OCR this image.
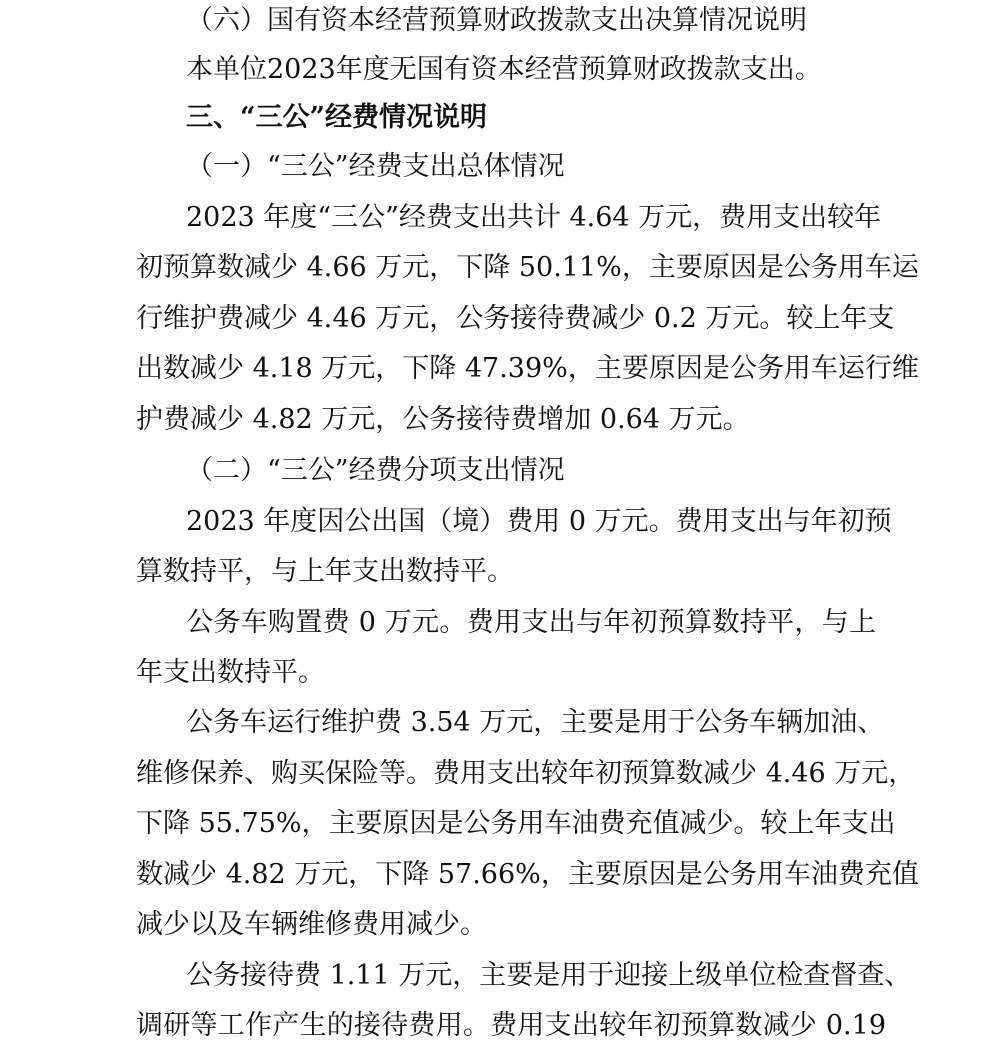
（六）国有资本经营预算财政拨款支出决算情况说明
本单位2023年度无国有资本经营预算财政拨款支出。
三、“三公”经费情况说明
（一）“三公”经费支出总体情况
2023 年度“三公”经费支出共计 4.64 万元，费用支出较年
初预算数减少 4.66 万元，下降 50.11%，主要原因是公务用车运
行维护费减少 4.46 万元，公务接待费减少 0.2 万元。较上年支
出数减少 4.18 万元，下降 47.39%，主要原因是公务用车运行维
护费减少 4.82 万元，公务接待费增加 0.64 万元。
（二）“三公”经费分项支出情况
2023 年度因公出国（境）费用 0 万元。费用支出与年初预
算数持平，与上年支出数持平。
公务车购置费 0 万元。费用支出与年初预算数持平，与上
年支出数持平。
公务车运行维护费 3.54 万元，主要是用于公务车辆加油、
维修保养、购买保险等。费用支出较年初预算数减少 4.46 万元，
下降 55.75%，主要原因是公务用车油费充值减少。较上年支出
数减少 4.82 万元，下降 57.66%，主要原因是公务用车油费充值
减少以及车辆维修费用减少。
公务接待费 1.11 万元，主要是用于迎接上级单位检查督查、
调研等工作产生的接待费用。费用支出较年初预算数减少 0.19
